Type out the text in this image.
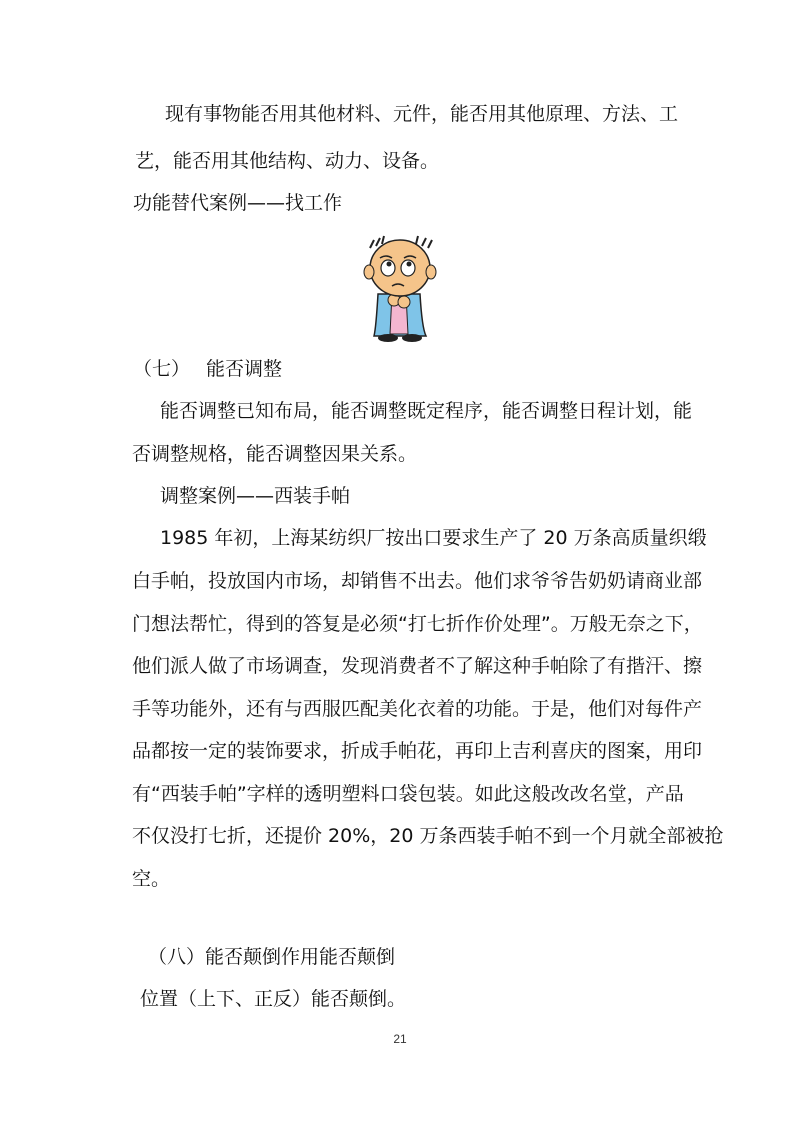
现有事物能否用其他材料、元件，能否用其他原理、方法、工
艺，能否用其他结构、动力、设备。
功能替代案例——找工作
（七） 能否调整
能否调整已知布局，能否调整既定程序，能否调整日程计划，能
否调整规格，能否调整因果关系。
调整案例——西装手帕
1985 年初，上海某纺织厂按出口要求生产了 20 万条高质量织缎
白手帕，投放国内市场，却销售不出去。他们求爷爷告奶奶请商业部
门想法帮忙，得到的答复是必须“打七折作价处理”。万般无奈之下，
他们派人做了市场调查，发现消费者不了解这种手帕除了有揩汗、擦
手等功能外，还有与西服匹配美化衣着的功能。于是，他们对每件产
品都按一定的装饰要求，折成手帕花，再印上吉利喜庆的图案，用印
有“西装手帕”字样的透明塑料口袋包装。如此这般改改名堂，产品
不仅没打七折，还提价 20%，20 万条西装手帕不到一个月就全部被抢
空。
（八）能否颠倒作用能否颠倒
位置（上下、正反）能否颠倒。
21
